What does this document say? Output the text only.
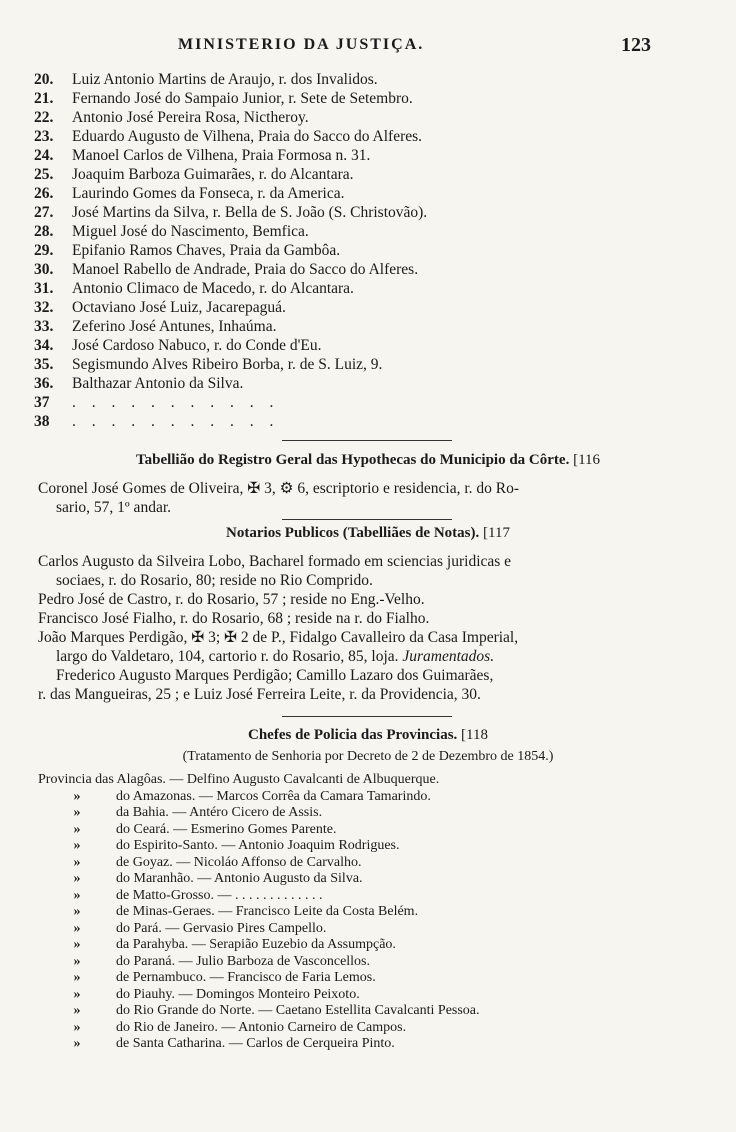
MINISTERIO DA JUSTIÇA.	123
20. Luiz Antonio Martins de Araujo, r. dos Invalidos.
21. Fernando José do Sampaio Junior, r. Sete de Setembro.
22. Antonio José Pereira Rosa, Nictheroy.
23. Eduardo Augusto de Vilhena, Praia do Sacco do Alferes.
24. Manoel Carlos de Vilhena, Praia Formosa n. 31.
25. Joaquim Barboza Guimarães, r. do Alcantara.
26. Laurindo Gomes da Fonseca, r. da America.
27. José Martins da Silva, r. Bella de S. João (S. Christovão).
28. Miguel José do Nascimento, Bemfica.
29. Epifanio Ramos Chaves, Praia da Gambôa.
30. Manoel Rabello de Andrade, Praia do Sacco do Alferes.
31. Antonio Climaco de Macedo, r. do Alcantara.
32. Octaviano José Luiz, Jacarepaguá.
33. Zeferino José Antunes, Inhaúma.
34. José Cardoso Nabuco, r. do Conde d'Eu.
35. Segismundo Alves Ribeiro Borba, r. de S. Luiz, 9.
36. Balthazar Antonio da Silva.
37 . . . . . . . . . . .
38 . . . . . . . . . . .
Tabellião do Registro Geral das Hypothecas do Municipio da Côrte. [116
Coronel José Gomes de Oliveira, ✠ 3, ⚙ 6, escriptorio e residencia, r. do Ro-
sario, 57, 1º andar.
Notarios Publicos (Tabelliães de Notas). [117
Carlos Augusto da Silveira Lobo, Bacharel formado em sciencias juridicas e
sociaes, r. do Rosario, 80; reside no Rio Comprido.
Pedro José de Castro, r. do Rosario, 57 ; reside no Eng.-Velho.
Francisco José Fialho, r. do Rosario, 68 ; reside na r. do Fialho.
João Marques Perdigão, ✠ 3; ✠ 2 de P., Fidalgo Cavalleiro da Casa Imperial,
largo do Valdetaro, 104, cartorio r. do Rosario, 85, loja. Juramentados.
Frederico Augusto Marques Perdigão; Camillo Lazaro dos Guimarães,
r. das Mangueiras, 25 ; e Luiz José Ferreira Leite, r. da Providencia, 30.
Chefes de Policia das Provincias. [118
(Tratamento de Senhoria por Decreto de 2 de Dezembro de 1854.)
Provincia das Alagôas. — Delfino Augusto Cavalcanti de Albuquerque.
»	do Amazonas. — Marcos Corrêa da Camara Tamarindo.
»	da Bahia. — Antéro Cicero de Assis.
»	do Ceará. — Esmerino Gomes Parente.
»	do Espirito-Santo. — Antonio Joaquim Rodrigues.
»	de Goyaz. — Nicoláo Affonso de Carvalho.
»	do Maranhão. — Antonio Augusto da Silva.
»	de Matto-Grosso. — . . . . . . . . . . . . .
»	de Minas-Geraes. — Francisco Leite da Costa Belém.
»	do Pará. — Gervasio Pires Campello.
»	da Parahyba. — Serapião Euzebio da Assumpção.
»	do Paraná. — Julio Barboza de Vasconcellos.
»	de Pernambuco. — Francisco de Faria Lemos.
»	do Piauhy. — Domingos Monteiro Peixoto.
»	do Rio Grande do Norte. — Caetano Estellita Cavalcanti Pessoa.
»	do Rio de Janeiro. — Antonio Carneiro de Campos.
»	de Santa Catharina. — Carlos de Cerqueira Pinto.
